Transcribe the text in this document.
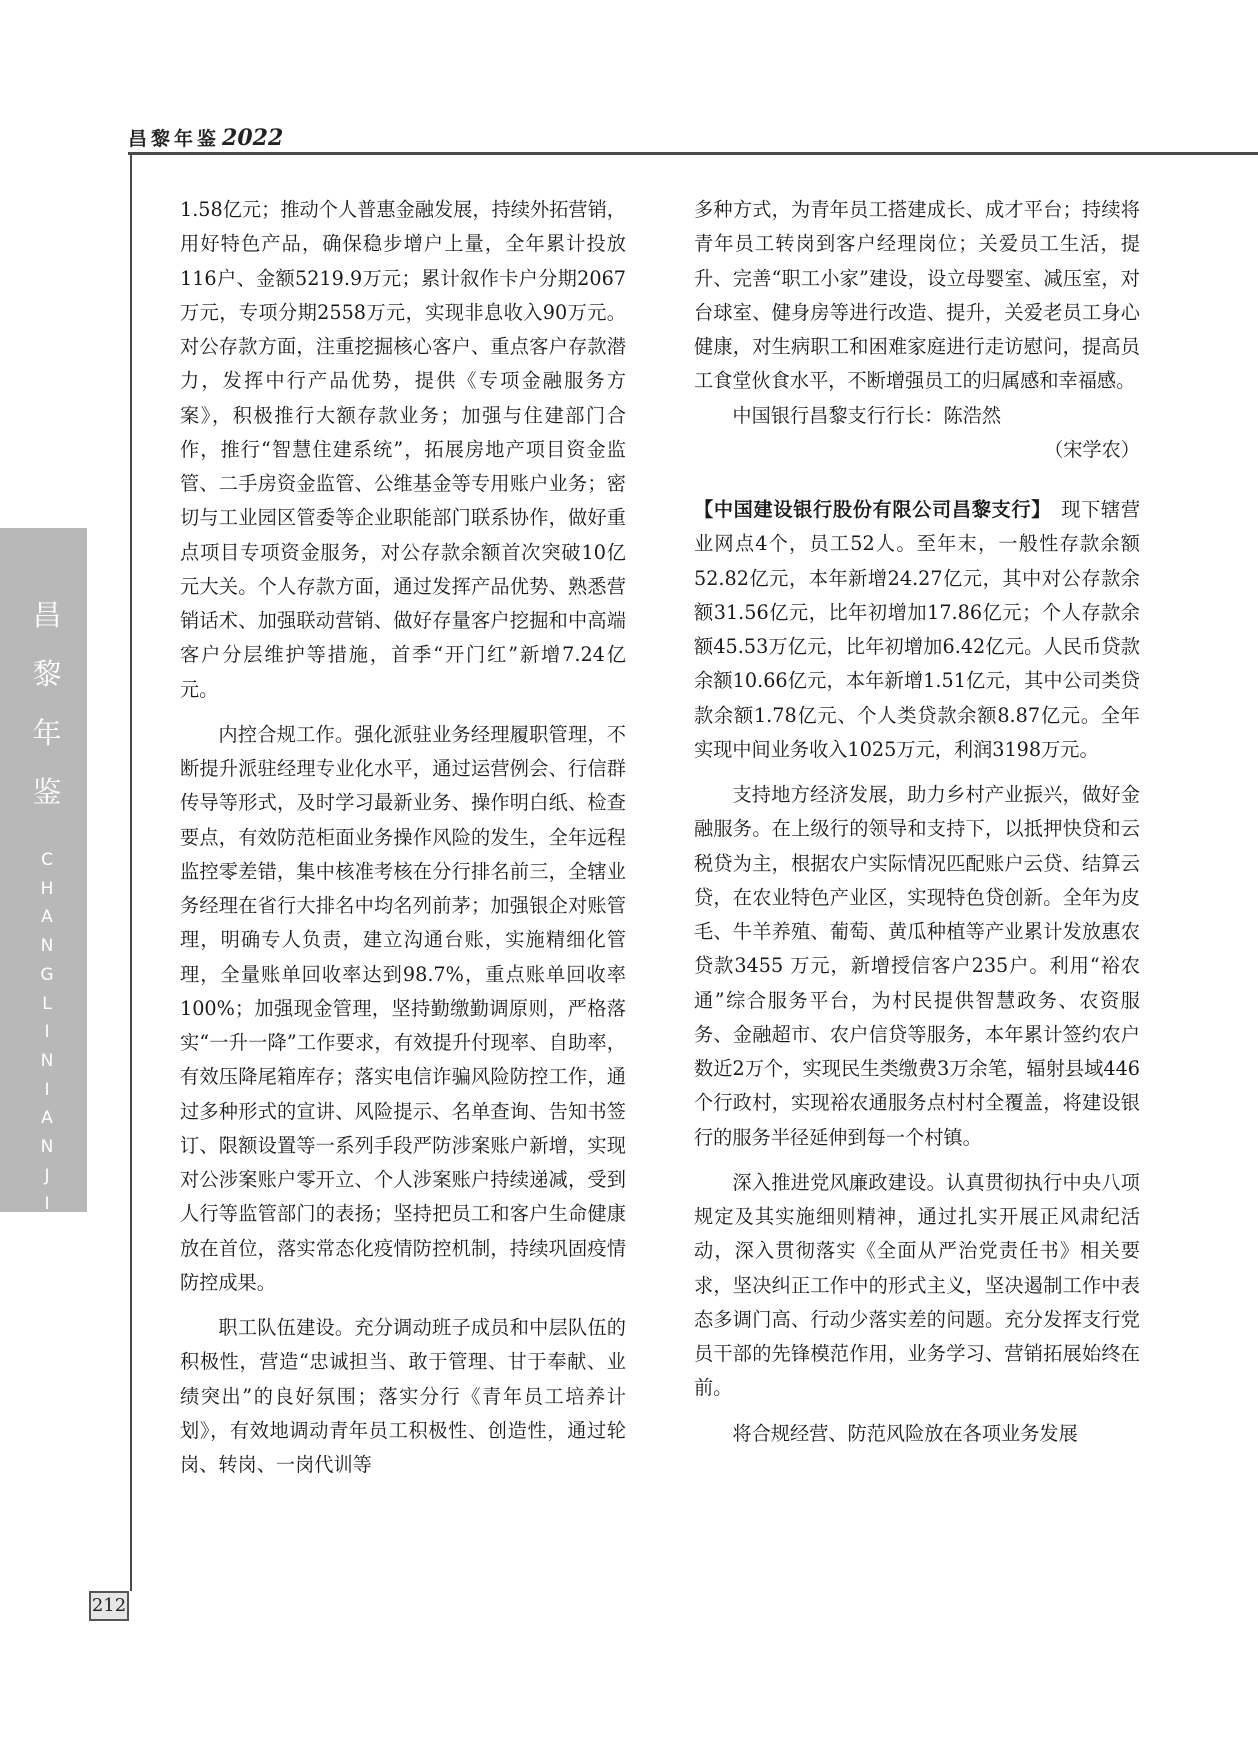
昌黎年鉴2022
昌
黎
年
鉴
C
H
A
N
G
L
I
N
I
A
N
J
I
A
N

1.58亿元；推动个人普惠金融发展，持续外拓营销，用好特色产品，确保稳步增户上量，全年累计投放116户、金额5219.9万元；累计叙作卡户分期2067万元，专项分期2558万元，实现非息收入90万元。对公存款方面，注重挖掘核心客户、重点客户存款潜力，发挥中行产品优势，提供《专项金融服务方案》，积极推行大额存款业务；加强与住建部门合作，推行“智慧住建系统”，拓展房地产项目资金监管、二手房资金监管、公维基金等专用账户业务；密切与工业园区管委等企业职能部门联系协作，做好重点项目专项资金服务，对公存款余额首次突破10亿元大关。个人存款方面，通过发挥产品优势、熟悉营销话术、加强联动营销、做好存量客户挖掘和中高端客户分层维护等措施，首季“开门红”新增7.24亿元。

内控合规工作。强化派驻业务经理履职管理，不断提升派驻经理专业化水平，通过运营例会、行信群传导等形式，及时学习最新业务、操作明白纸、检查要点，有效防范柜面业务操作风险的发生，全年远程监控零差错，集中核准考核在分行排名前三，全辖业务经理在省行大排名中均名列前茅；加强银企对账管理，明确专人负责，建立沟通台账，实施精细化管理，全量账单回收率达到98.7%，重点账单回收率100%；加强现金管理，坚持勤缴勤调原则，严格落实“一升一降”工作要求，有效提升付现率、自助率，有效压降尾箱库存；落实电信诈骗风险防控工作，通过多种形式的宣讲、风险提示、名单查询、告知书签订、限额设置等一系列手段严防涉案账户新增，实现对公涉案账户零开立、个人涉案账户持续递减，受到人行等监管部门的表扬；坚持把员工和客户生命健康放在首位，落实常态化疫情防控机制，持续巩固疫情防控成果。

职工队伍建设。充分调动班子成员和中层队伍的积极性，营造“忠诚担当、敢于管理、甘于奉献、业绩突出”的良好氛围；落实分行《青年员工培养计划》，有效地调动青年员工积极性、创造性，通过轮岗、转岗、一岗代训等

多种方式，为青年员工搭建成长、成才平台；持续将青年员工转岗到客户经理岗位；关爱员工生活，提升、完善“职工小家”建设，设立母婴室、减压室，对台球室、健身房等进行改造、提升，关爱老员工身心健康，对生病职工和困难家庭进行走访慰问，提高员工食堂伙食水平，不断增强员工的归属感和幸福感。

中国银行昌黎支行行长：陈浩然

（宋学农）

【中国建设银行股份有限公司昌黎支行】　 现下辖营业网点4个，员工52人。至年末，一般性存款余额52.82亿元，本年新增24.27亿元，其中对公存款余额31.56亿元，比年初增加17.86亿元；个人存款余额45.53万亿元，比年初增加6.42亿元。人民币贷款余额10.66亿元，本年新增1.51亿元，其中公司类贷款余额1.78亿元、个人类贷款余额8.87亿元。全年实现中间业务收入1025万元，利润3198万元。

支持地方经济发展，助力乡村产业振兴，做好金融服务。在上级行的领导和支持下，以抵押快贷和云税贷为主，根据农户实际情况匹配账户云贷、结算云贷，在农业特色产业区，实现特色贷创新。全年为皮毛、牛羊养殖、葡萄、黄瓜种植等产业累计发放惠农贷款3455 万元，新增授信客户235户。利用“裕农通”综合服务平台，为村民提供智慧政务、农资服务、金融超市、农户信贷等服务，本年累计签约农户数近2万个，实现民生类缴费3万余笔，辐射县域446个行政村，实现裕农通服务点村村全覆盖，将建设银行的服务半径延伸到每一个村镇。

深入推进党风廉政建设。认真贯彻执行中央八项规定及其实施细则精神，通过扎实开展正风肃纪活动，深入贯彻落实《全面从严治党责任书》相关要求，坚决纠正工作中的形式主义，坚决遏制工作中表态多调门高、行动少落实差的问题。充分发挥支行党员干部的先锋模范作用，业务学习、营销拓展始终在前。

将合规经营、防范风险放在各项业务发展

212
